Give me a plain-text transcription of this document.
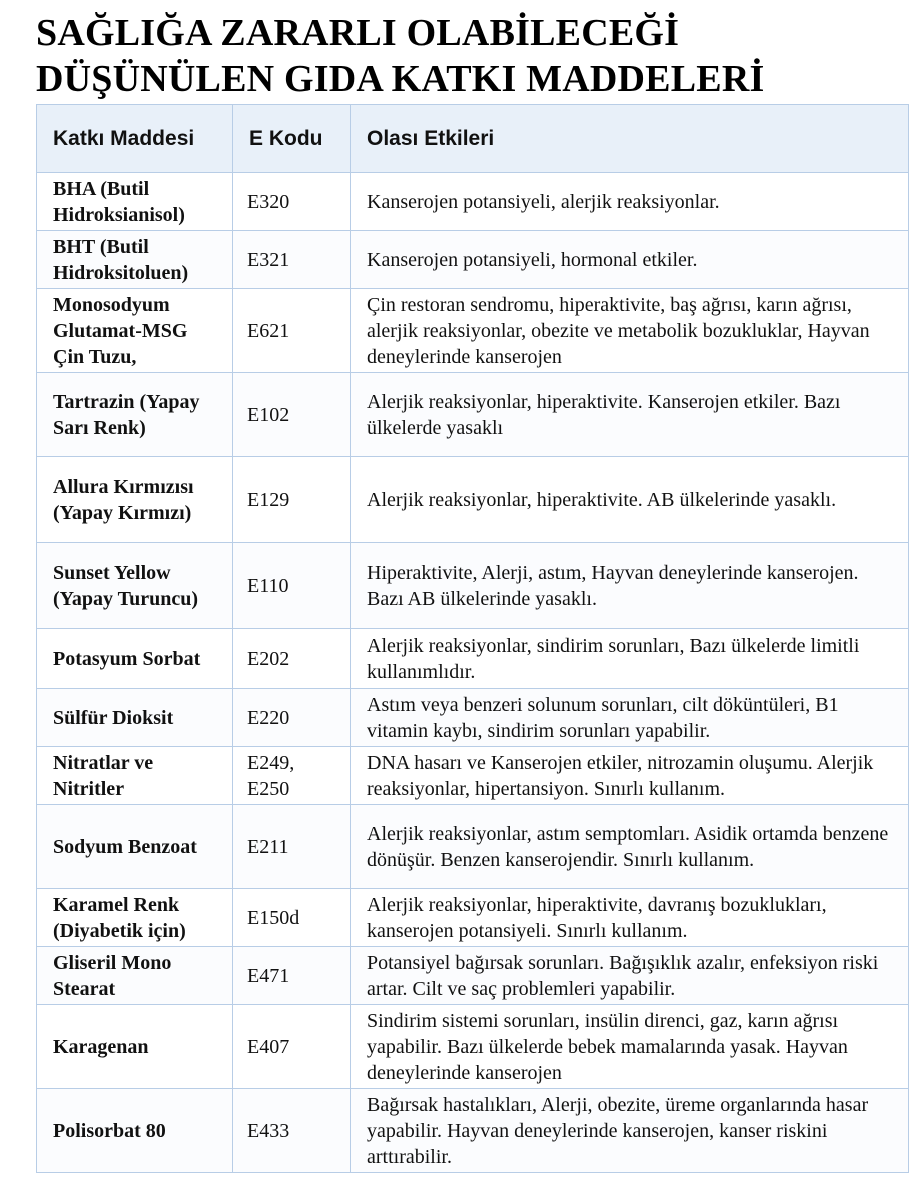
SAĞLIĞA ZARARLI OLABİLECEĞİ
DÜŞÜNÜLEN GIDA KATKI MADDELERİ
Katkı Maddesi	E Kodu	Olası Etkileri
BHA (Butil Hidroksianisol)	E320	Kanserojen potansiyeli, alerjik reaksiyonlar.
BHT (Butil Hidroksitoluen)	E321	Kanserojen potansiyeli, hormonal etkiler.
Monosodyum Glutamat-MSG Çin Tuzu,	E621	Çin restoran sendromu, hiperaktivite, baş ağrısı, karın ağrısı, alerjik reaksiyonlar, obezite ve metabolik bozukluklar, Hayvan deneylerinde kanserojen
Tartrazin (Yapay Sarı Renk)	E102	Alerjik reaksiyonlar, hiperaktivite. Kanserojen etkiler. Bazı ülkelerde yasaklı
Allura Kırmızısı (Yapay Kırmızı)	E129	Alerjik reaksiyonlar, hiperaktivite. AB ülkelerinde yasaklı.
Sunset Yellow (Yapay Turuncu)	E110	Hiperaktivite, Alerji, astım, Hayvan deneylerinde kanserojen. Bazı AB ülkelerinde yasaklı.
Potasyum Sorbat	E202	Alerjik reaksiyonlar, sindirim sorunları, Bazı ülkelerde limitli kullanımlıdır.
Sülfür Dioksit	E220	Astım veya benzeri solunum sorunları, cilt döküntüleri, B1 vitamin kaybı, sindirim sorunları yapabilir.
Nitratlar ve Nitritler	E249, E250	DNA hasarı ve Kanserojen etkiler, nitrozamin oluşumu. Alerjik reaksiyonlar, hipertansiyon. Sınırlı kullanım.
Sodyum Benzoat	E211	Alerjik reaksiyonlar, astım semptomları. Asidik ortamda benzene dönüşür. Benzen kanserojendir. Sınırlı kullanım.
Karamel Renk (Diyabetik için)	E150d	Alerjik reaksiyonlar, hiperaktivite, davranış bozuklukları, kanserojen potansiyeli. Sınırlı kullanım.
Gliseril Mono Stearat	E471	Potansiyel bağırsak sorunları. Bağışıklık azalır, enfeksiyon riski artar. Cilt ve saç problemleri yapabilir.
Karagenan	E407	Sindirim sistemi sorunları, insülin direnci, gaz, karın ağrısı yapabilir. Bazı ülkelerde bebek mamalarında yasak. Hayvan deneylerinde kanserojen
Polisorbat 80	E433	Bağırsak hastalıkları, Alerji, obezite, üreme organlarında hasar yapabilir. Hayvan deneylerinde kanserojen, kanser riskini arttırabilir.
